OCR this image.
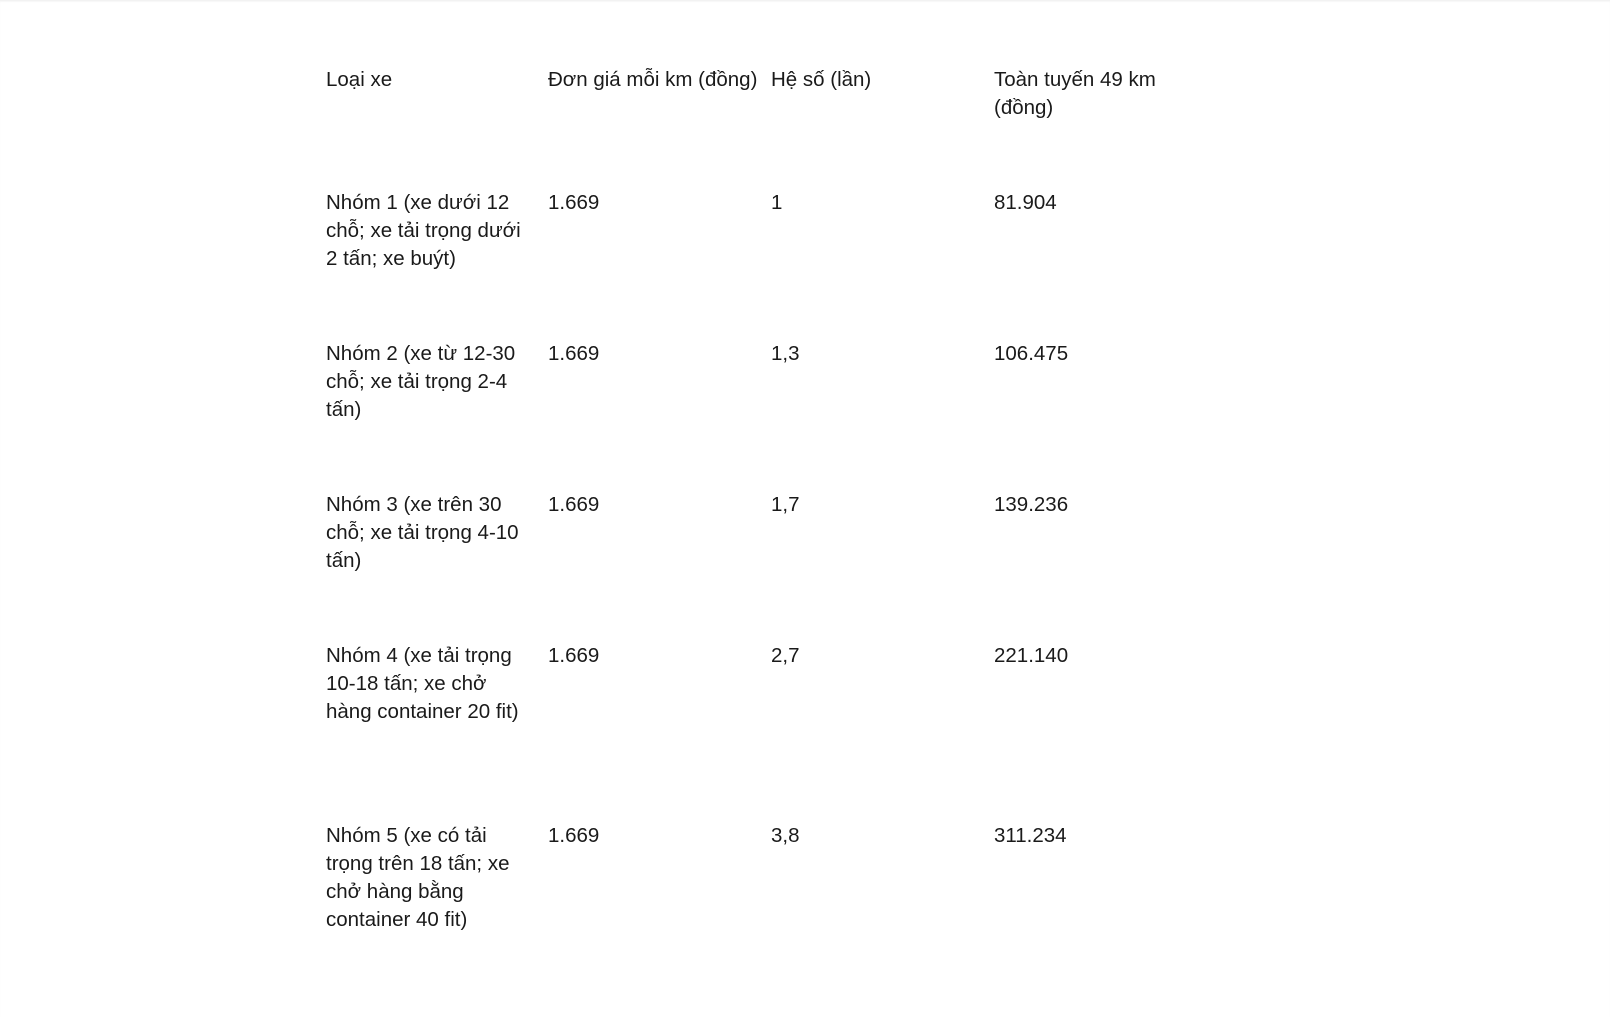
Loại xe	Đơn giá mỗi km (đồng)	Hệ số (lần)	Toàn tuyến 49 km (đồng)
Nhóm 1 (xe dưới 12 chỗ; xe tải trọng dưới 2 tấn; xe buýt)	1.669	1	81.904
Nhóm 2 (xe từ 12-30 chỗ; xe tải trọng 2-4 tấn)	1.669	1,3	106.475
Nhóm 3 (xe trên 30 chỗ; xe tải trọng 4-10 tấn)	1.669	1,7	139.236
Nhóm 4 (xe tải trọng 10-18 tấn; xe chở hàng container 20 fit)	1.669	2,7	221.140
Nhóm 5 (xe có tải trọng trên 18 tấn; xe chở hàng bằng container 40 fit)	1.669	3,8	311.234
